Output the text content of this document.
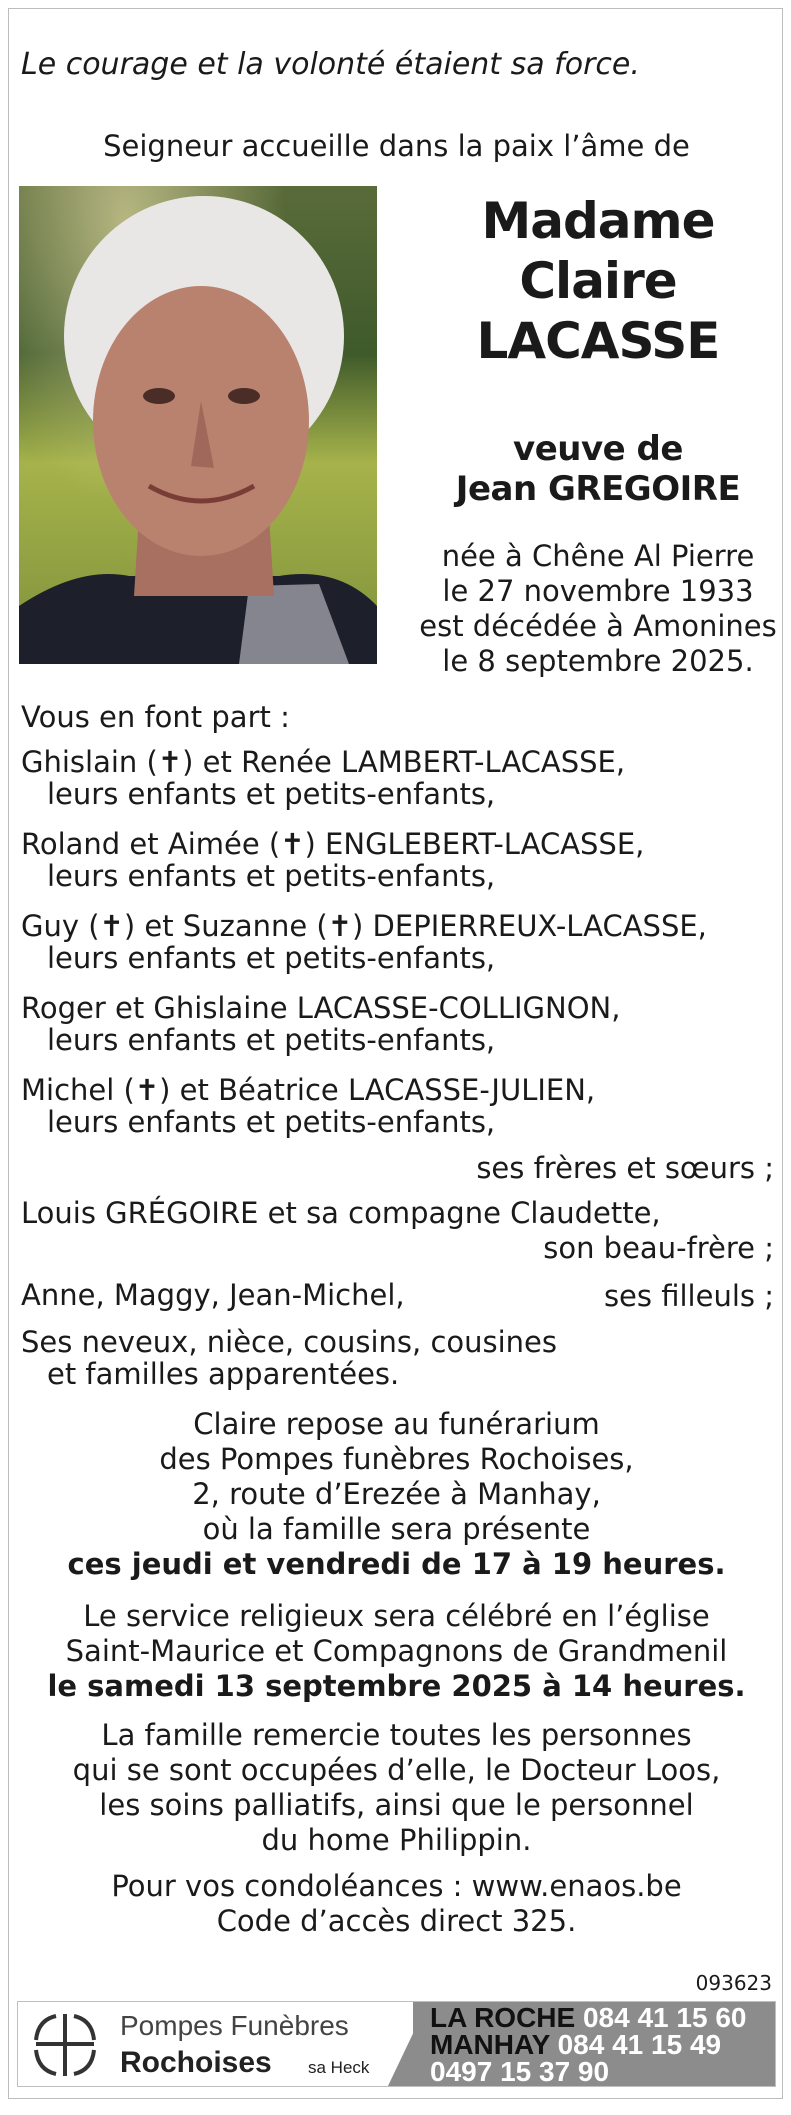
Le courage et la volonté étaient sa force.
Seigneur accueille dans la paix l’âme de
Madame
Claire
LACASSE
veuve de
Jean GREGOIRE
née à Chêne Al Pierre
le 27 novembre 1933
est décédée à Amonines
le 8 septembre 2025.
Vous en font part :
Ghislain (✝) et Renée LAMBERT-LACASSE,
leurs enfants et petits-enfants,
Roland et Aimée (✝) ENGLEBERT-LACASSE,
leurs enfants et petits-enfants,
Guy (✝) et Suzanne (✝) DEPIERREUX-LACASSE,
leurs enfants et petits-enfants,
Roger et Ghislaine LACASSE-COLLIGNON,
leurs enfants et petits-enfants,
Michel (✝) et Béatrice LACASSE-JULIEN,
leurs enfants et petits-enfants,
ses frères et sœurs ;
Louis GRÉGOIRE et sa compagne Claudette,
son beau-frère ;
Anne, Maggy, Jean-Michel,	ses filleuls ;
Ses neveux, nièce, cousins, cousines
et familles apparentées.
Claire repose au funérarium
des Pompes funèbres Rochoises,
2, route d’Erezée à Manhay,
où la famille sera présente
ces jeudi et vendredi de 17 à 19 heures.
Le service religieux sera célébré en l’église
Saint-Maurice et Compagnons de Grandmenil
le samedi 13 septembre 2025 à 14 heures.
La famille remercie toutes les personnes
qui se sont occupées d’elle, le Docteur Loos,
les soins palliatifs, ainsi que le personnel
du home Philippin.
Pour vos condoléances : www.enaos.be
Code d’accès direct 325.
093623
Pompes Funèbres
Rochoises sa Heck
LA ROCHE 084 41 15 60
MANHAY 084 41 15 49
0497 15 37 90
